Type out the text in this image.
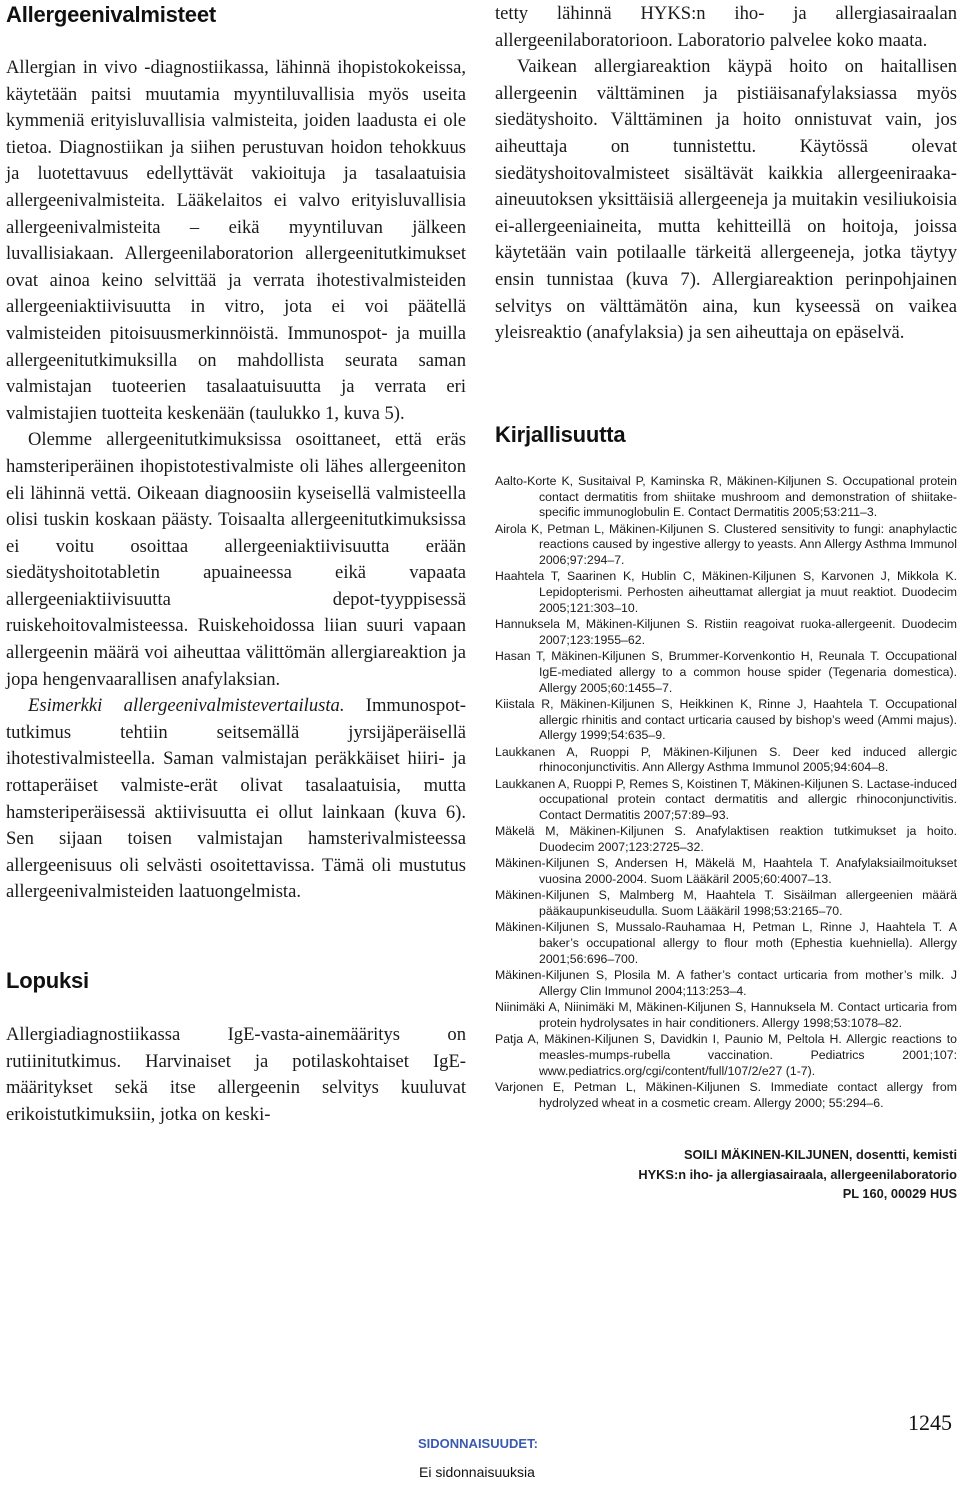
Allergeenivalmisteet

Allergian in vivo -diagnostiikassa, lähinnä ihopistokokeissa, käytetään paitsi muutamia myyntiluvallisia myös useita kymmeniä erityisluvallisia valmisteita, joiden laadusta ei ole tietoa. Diagnostiikan ja siihen perustuvan hoidon tehokkuus ja luotettavuus edellyttävät vakioituja ja tasalaatuisia allergeenivalmisteita. Lääkelaitos ei valvo erityisluvallisia allergeenivalmisteita – eikä myyntiluvan jälkeen luvallisiakaan. Allergeenilaboratorion allergeenitutkimukset ovat ainoa keino selvittää ja verrata ihotestivalmisteiden allergeeniaktiivisuutta in vitro, jota ei voi päätellä valmisteiden pitoisuusmerkinnöistä. Immunospot- ja muilla allergeenitutkimuksilla on mahdollista seurata saman valmistajan tuoteerien tasalaatuisuutta ja verrata eri valmistajien tuotteita keskenään (taulukko 1, kuva 5).

Olemme allergeenitutkimuksissa osoittaneet, että eräs hamsteriperäinen ihopistotestivalmiste oli lähes allergeeniton eli lähinnä vettä. Oikeaan diagnoosiin kyseisellä valmisteella olisi tuskin koskaan päästy. Toisaalta allergeenitutkimuksissa ei voitu osoittaa allergeeniaktiivisuutta erään siedätyshoitotabletin apuaineessa eikä vapaata allergeeniaktiivisuutta depot-tyyppisessä ruiskehoitovalmisteessa. Ruiskehoidossa liian suuri vapaan allergeenin määrä voi aiheuttaa välittömän allergiareaktion ja jopa hengenvaarallisen anafylaksian.

Esimerkki allergeenivalmistevertailusta. Immunospot-tutkimus tehtiin seitsemällä jyrsijäperäisellä ihotestivalmisteella. Saman valmistajan peräkkäiset hiiri- ja rottaperäiset valmiste-erät olivat tasalaatuisia, mutta hamsteriperäisessä aktiivisuutta ei ollut lainkaan (kuva 6). Sen sijaan toisen valmistajan hamsterivalmisteessa allergeenisuus oli selvästi osoitettavissa. Tämä oli mustutus allergeenivalmisteiden laatuongelmista.

Lopuksi

Allergiadiagnostiikassa IgE-vasta-ainemääritys on rutiinitutkimus. Harvinaiset ja potilaskohtaiset IgE-määritykset sekä itse allergeenin selvitys kuuluvat erikoistutkimuksiin, jotka on keski-

tetty lähinnä HYKS:n iho- ja allergiasairaalan allergeenilaboratorioon. Laboratorio palvelee koko maata.

Vaikean allergiareaktion käypä hoito on haitallisen allergeenin välttäminen ja pistiäisanafylaksiassa myös siedätyshoito. Välttäminen ja hoito onnistuvat vain, jos aiheuttaja on tunnistettu. Käytössä olevat siedätyshoitovalmisteet sisältävät kaikkia allergeeniraaka-aineuutoksen yksittäisiä allergeeneja ja muitakin vesiliukoisia ei-allergeeniaineita, mutta kehitteillä on hoitoja, joissa käytetään vain potilaalle tärkeitä allergeeneja, jotka täytyy ensin tunnistaa (kuva 7). Allergiareaktion perinpohjainen selvitys on välttämätön aina, kun kyseessä on vaikea yleisreaktio (anafylaksia) ja sen aiheuttaja on epäselvä.

Kirjallisuutta
Aalto-Korte K, Susitaival P, Kaminska R, Mäkinen-Kiljunen S. Occupational protein contact dermatitis from shiitake mushroom and demonstration of shiitake-specific immunoglobulin E. Contact Dermatitis 2005;53:211–3.
Airola K, Petman L, Mäkinen-Kiljunen S. Clustered sensitivity to fungi: anaphylactic reactions caused by ingestive allergy to yeasts. Ann Allergy Asthma Immunol 2006;97:294–7.
Haahtela T, Saarinen K, Hublin C, Mäkinen-Kiljunen S, Karvonen J, Mikkola K. Lepidopterismi. Perhosten aiheuttamat allergiat ja muut reaktiot. Duodecim 2005;121:303–10.
Hannuksela M, Mäkinen-Kiljunen S. Ristiin reagoivat ruoka-allergeenit. Duodecim 2007;123:1955–62.
Hasan T, Mäkinen-Kiljunen S, Brummer-Korvenkontio H, Reunala T. Occupational IgE-mediated allergy to a common house spider (Tegenaria domestica). Allergy 2005;60:1455–7.
Kiistala R, Mäkinen-Kiljunen S, Heikkinen K, Rinne J, Haahtela T. Occupational allergic rhinitis and contact urticaria caused by bishop’s weed (Ammi majus). Allergy 1999;54:635–9.
Laukkanen A, Ruoppi P, Mäkinen-Kiljunen S. Deer ked induced allergic rhinoconjunctivitis. Ann Allergy Asthma Immunol 2005;94:604–8.
Laukkanen A, Ruoppi P, Remes S, Koistinen T, Mäkinen-Kiljunen S. Lactase-induced occupational protein contact dermatitis and allergic rhinoconjunctivitis. Contact Dermatitis 2007;57:89–93.
Mäkelä M, Mäkinen-Kiljunen S. Anafylaktisen reaktion tutkimukset ja hoito. Duodecim 2007;123:2725–32.
Mäkinen-Kiljunen S, Andersen H, Mäkelä M, Haahtela T. Anafylaksiailmoitukset vuosina 2000-2004. Suom Lääkäril 2005;60:4007–13.
Mäkinen-Kiljunen S, Malmberg M, Haahtela T. Sisäilman allergeenien määrä pääkaupunkiseudulla. Suom Lääkäril 1998;53:2165–70.
Mäkinen-Kiljunen S, Mussalo-Rauhamaa H, Petman L, Rinne J, Haahtela T. A baker’s occupational allergy to flour moth (Ephestia kuehniella). Allergy 2001;56:696–700.
Mäkinen-Kiljunen S, Plosila M. A father’s contact urticaria from mother’s milk. J Allergy Clin Immunol 2004;113:253–4.
Niinimäki A, Niinimäki M, Mäkinen-Kiljunen S, Hannuksela M. Contact urticaria from protein hydrolysates in hair conditioners. Allergy 1998;53:1078–82.
Patja A, Mäkinen-Kiljunen S, Davidkin I, Paunio M, Peltola H. Allergic reactions to measles-mumps-rubella vaccination. Pediatrics 2001;107: www.pediatrics.org/cgi/content/full/107/2/e27 (1-7).
Varjonen E, Petman L, Mäkinen-Kiljunen S. Immediate contact allergy from hydrolyzed wheat in a cosmetic cream. Allergy 2000; 55:294–6.
SOILI MÄKINEN-KILJUNEN, dosentti, kemisti
HYKS:n iho- ja allergiasairaala, allergeenilaboratorio
PL 160, 00029 HUS
SIDONNAISUUDET:
Ei sidonnaisuuksia
1245
